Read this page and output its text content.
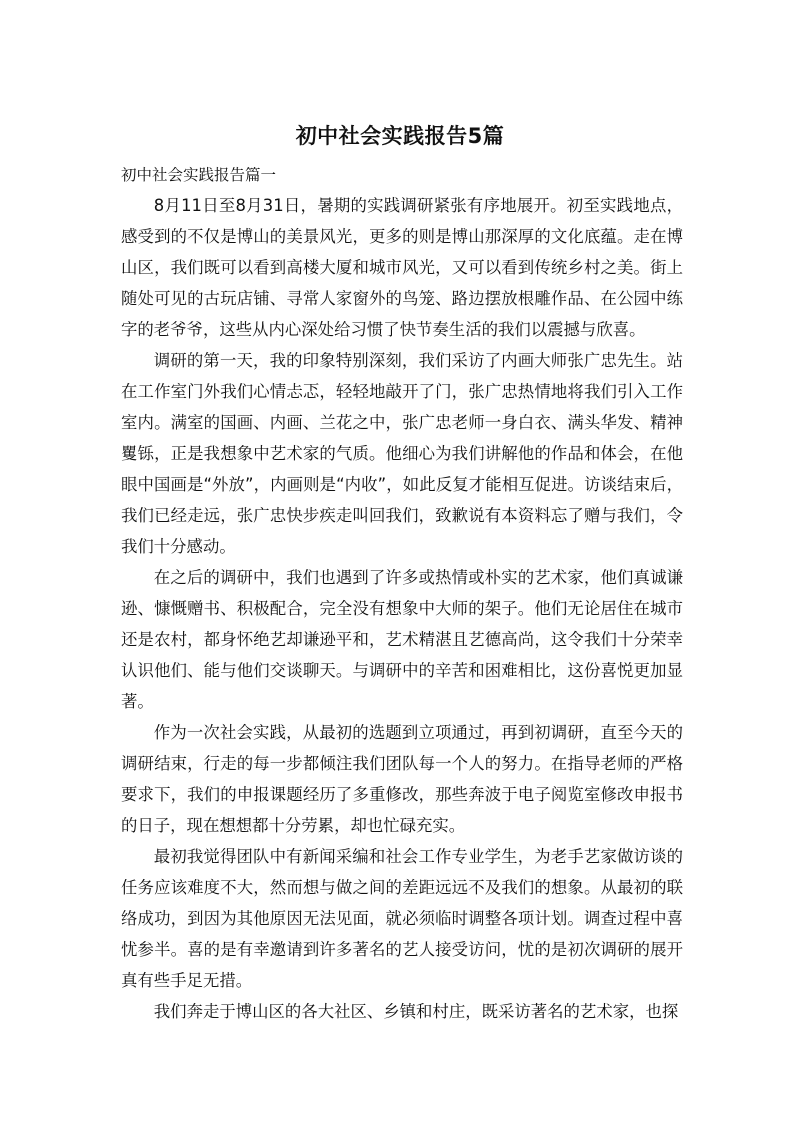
初中社会实践报告5篇
初中社会实践报告篇一

8月11日至8月31日，暑期的实践调研紧张有序地展开。初至实践地点，感受到的不仅是博山的美景风光，更多的则是博山那深厚的文化底蕴。走在博山区，我们既可以看到高楼大厦和城市风光，又可以看到传统乡村之美。街上随处可见的古玩店铺、寻常人家窗外的鸟笼、路边摆放根雕作品、在公园中练字的老爷爷，这些从内心深处给习惯了快节奏生活的我们以震撼与欣喜。

调研的第一天，我的印象特别深刻，我们采访了内画大师张广忠先生。站在工作室门外我们心情忐忑，轻轻地敲开了门，张广忠热情地将我们引入工作室内。满室的国画、内画、兰花之中，张广忠老师一身白衣、满头华发、精神矍铄，正是我想象中艺术家的气质。他细心为我们讲解他的作品和体会，在他眼中国画是“外放”，内画则是“内收”，如此反复才能相互促进。访谈结束后，我们已经走远，张广忠快步疾走叫回我们，致歉说有本资料忘了赠与我们，令我们十分感动。

在之后的调研中，我们也遇到了许多或热情或朴实的艺术家，他们真诚谦逊、慷慨赠书、积极配合，完全没有想象中大师的架子。他们无论居住在城市还是农村，都身怀绝艺却谦逊平和，艺术精湛且艺德高尚，这令我们十分荣幸认识他们、能与他们交谈聊天。与调研中的辛苦和困难相比，这份喜悦更加显著。

作为一次社会实践，从最初的选题到立项通过，再到初调研，直至今天的调研结束，行走的每一步都倾注我们团队每一个人的努力。在指导老师的严格要求下，我们的申报课题经历了多重修改，那些奔波于电子阅览室修改申报书的日子，现在想想都十分劳累，却也忙碌充实。

最初我觉得团队中有新闻采编和社会工作专业学生，为老手艺家做访谈的任务应该难度不大，然而想与做之间的差距远远不及我们的想象。从最初的联络成功，到因为其他原因无法见面，就必须临时调整各项计划。调查过程中喜忧参半。喜的是有幸邀请到许多著名的艺人接受访问，忧的是初次调研的展开真有些手足无措。

我们奔走于博山区的各大社区、乡镇和村庄，既采访著名的艺术家，也探
